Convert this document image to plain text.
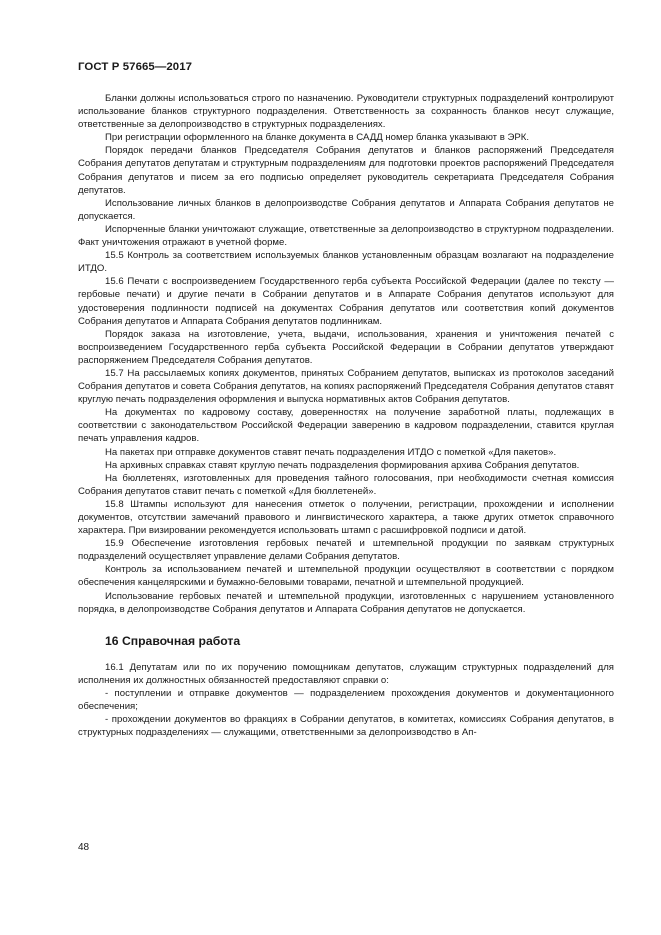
ГОСТ Р 57665—2017

Бланки должны использоваться строго по назначению. Руководители структурных подразделений контролируют использование бланков структурного подразделения. Ответственность за сохранность бланков несут служащие, ответственные за делопроизводство в структурных подразделениях.

При регистрации оформленного на бланке документа в САДД номер бланка указывают в ЭРК.

Порядок передачи бланков Председателя Собрания депутатов и бланков распоряжений Председателя Собрания депутатов депутатам и структурным подразделениям для подготовки проектов распоряжений Председателя Собрания депутатов и писем за его подписью определяет руководитель секретариата Председателя Собрания депутатов.

Использование личных бланков в делопроизводстве Собрания депутатов и Аппарата Собрания депутатов не допускается.

Испорченные бланки уничтожают служащие, ответственные за делопроизводство в структурном подразделении. Факт уничтожения отражают в учетной форме.

15.5 Контроль за соответствием используемых бланков установленным образцам возлагают на подразделение ИТДО.

15.6 Печати с воспроизведением Государственного герба субъекта Российской Федерации (далее по тексту — гербовые печати) и другие печати в Собрании депутатов и в Аппарате Собрания депутатов используют для удостоверения подлинности подписей на документах Собрания депутатов или соответствия копий документов Собрания депутатов и Аппарата Собрания депутатов подлинникам.

Порядок заказа на изготовление, учета, выдачи, использования, хранения и уничтожения печатей с воспроизведением Государственного герба субъекта Российской Федерации в Собрании депутатов утверждают распоряжением Председателя Собрания депутатов.

15.7 На рассылаемых копиях документов, принятых Собранием депутатов, выписках из протоколов заседаний Собрания депутатов и совета Собрания депутатов, на копиях распоряжений Председателя Собрания депутатов ставят круглую печать подразделения оформления и выпуска нормативных актов Собрания депутатов.

На документах по кадровому составу, доверенностях на получение заработной платы, подлежащих в соответствии с законодательством Российской Федерации заверению в кадровом подразделении, ставится круглая печать управления кадров.

На пакетах при отправке документов ставят печать подразделения ИТДО с пометкой «Для пакетов».

На архивных справках ставят круглую печать подразделения формирования архива Собрания депутатов.

На бюллетенях, изготовленных для проведения тайного голосования, при необходимости счетная комиссия Собрания депутатов ставит печать с пометкой «Для бюллетеней».

15.8 Штампы используют для нанесения отметок о получении, регистрации, прохождении и исполнении документов, отсутствии замечаний правового и лингвистического характера, а также других отметок справочного характера. При визировании рекомендуется использовать штамп с расшифровкой подписи и датой.

15.9 Обеспечение изготовления гербовых печатей и штемпельной продукции по заявкам структурных подразделений осуществляет управление делами Собрания депутатов.

Контроль за использованием печатей и штемпельной продукции осуществляют в соответствии с порядком обеспечения канцелярскими и бумажно-беловыми товарами, печатной и штемпельной продукцией.

Использование гербовых печатей и штемпельной продукции, изготовленных с нарушением установленного порядка, в делопроизводстве Собрания депутатов и Аппарата Собрания депутатов не допускается.

16 Справочная работа

16.1 Депутатам или по их поручению помощникам депутатов, служащим структурных подразделений для исполнения их должностных обязанностей предоставляют справки о:

- поступлении и отправке документов — подразделением прохождения документов и документационного обеспечения;

- прохождении документов во фракциях в Собрании депутатов, в комитетах, комиссиях Собрания депутатов, в структурных подразделениях — служащими, ответственными за делопроизводство в Ап-

48
